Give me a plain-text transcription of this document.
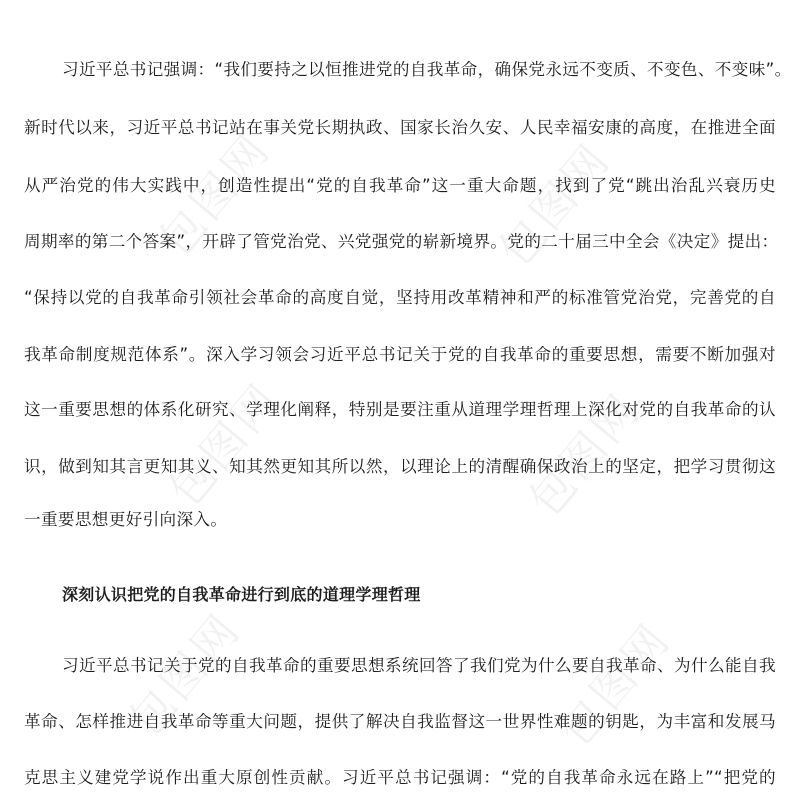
包图网	包图网
包图网	包图网
包图网	包图网
习近平总书记强调：“我们要持之以恒推进党的自我革命，确保党永远不变质、不变色、不变味”。
新时代以来，习近平总书记站在事关党长期执政、国家长治久安、人民幸福安康的高度，在推进全面
从严治党的伟大实践中，创造性提出“党的自我革命”这一重大命题，找到了党“跳出治乱兴衰历史
周期率的第二个答案”，开辟了管党治党、兴党强党的崭新境界。党的二十届三中全会《决定》提出：
“保持以党的自我革命引领社会革命的高度自觉，坚持用改革精神和严的标准管党治党，完善党的自
我革命制度规范体系”。深入学习领会习近平总书记关于党的自我革命的重要思想，需要不断加强对
这一重要思想的体系化研究、学理化阐释，特别是要注重从道理学理哲理上深化对党的自我革命的认
识，做到知其言更知其义、知其然更知其所以然，以理论上的清醒确保政治上的坚定，把学习贯彻这
一重要思想更好引向深入。
深刻认识把党的自我革命进行到底的道理学理哲理
习近平总书记关于党的自我革命的重要思想系统回答了我们党为什么要自我革命、为什么能自我
革命、怎样推进自我革命等重大问题，提供了解决自我监督这一世界性难题的钥匙，为丰富和发展马
克思主义建党学说作出重大原创性贡献。习近平总书记强调：“党的自我革命永远在路上”“把党的
